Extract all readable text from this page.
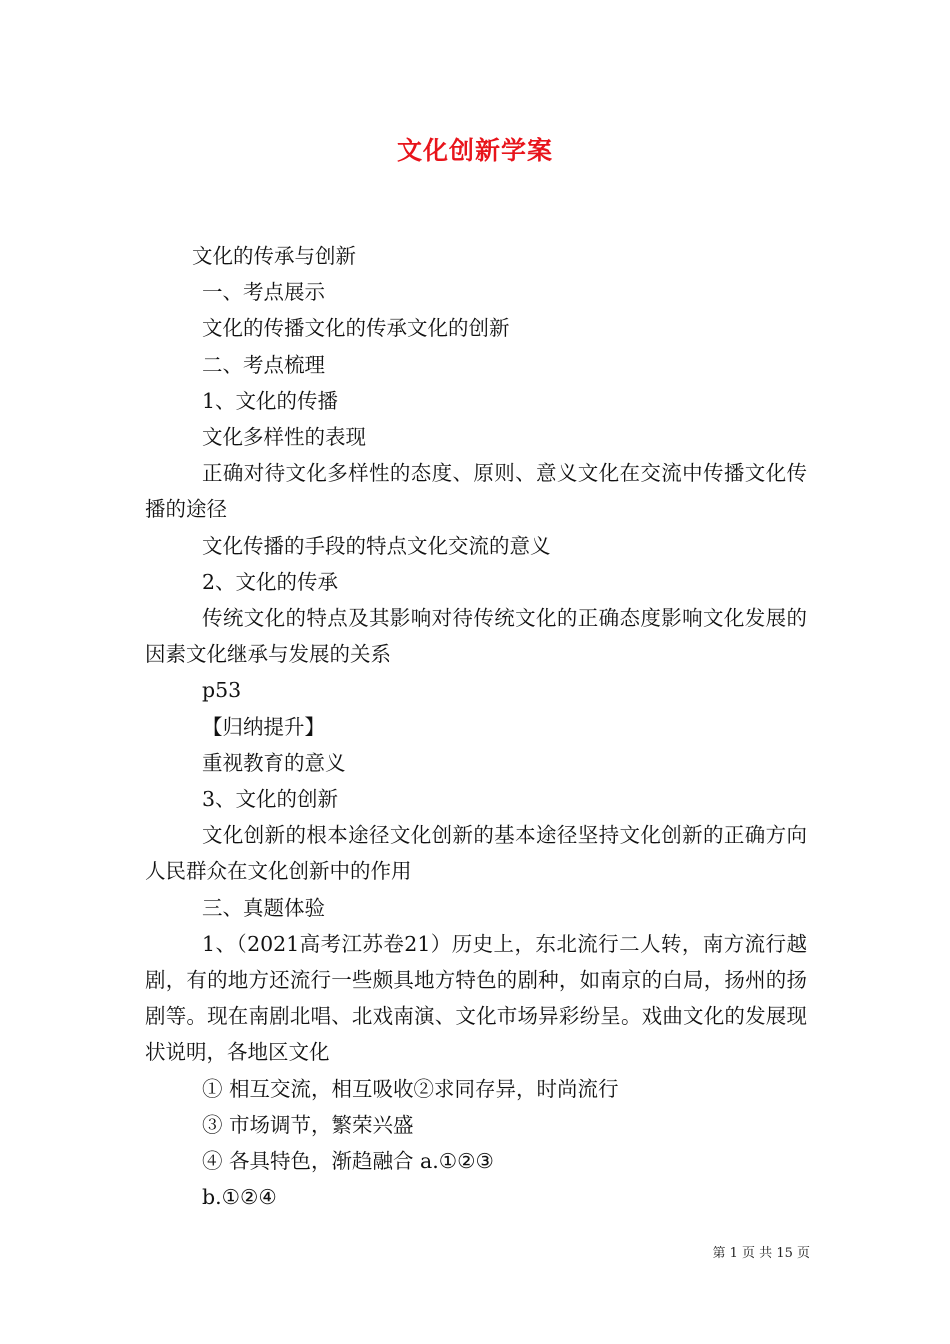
文化创新学案

文化的传承与创新

一、考点展示

文化的传播文化的传承文化的创新

二、考点梳理

1、文化的传播

文化多样性的表现

正确对待文化多样性的态度、原则、意义文化在交流中传播文化传播的途径

文化传播的手段的特点文化交流的意义

2、文化的传承

传统文化的特点及其影响对待传统文化的正确态度影响文化发展的因素文化继承与发展的关系

p53

【归纳提升】

重视教育的意义

3、文化的创新

文化创新的根本途径文化创新的基本途径坚持文化创新的正确方向人民群众在文化创新中的作用

三、真题体验

1、（2021高考江苏卷21）历史上，东北流行二人转，南方流行越剧，有的地方还流行一些颇具地方特色的剧种，如南京的白局，扬州的扬剧等。现在南剧北唱、北戏南演、文化市场异彩纷呈。戏曲文化的发展现状说明，各地区文化

① 相互交流，相互吸收②求同存异，时尚流行

③ 市场调节，繁荣兴盛

④ 各具特色，渐趋融合 a.①②③

b.①②④

第 1 页 共 15 页
